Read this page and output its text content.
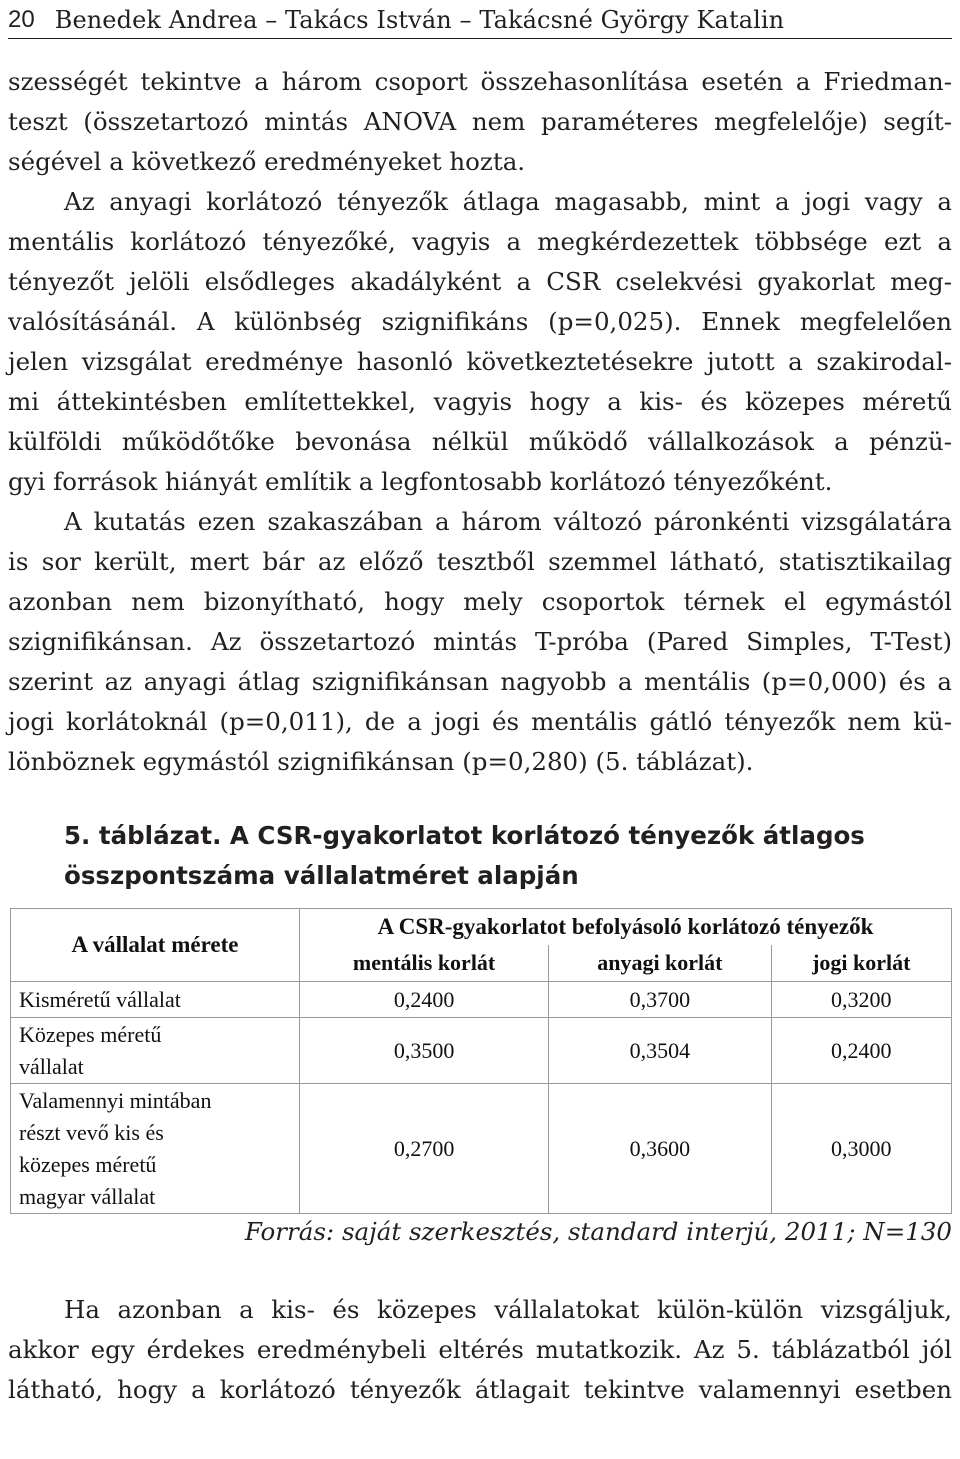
20 Benedek Andrea – Takács István – Takácsné György Katalin

szességét tekintve a három csoport összehasonlítása esetén a Friedman-
teszt (összetartozó mintás ANOVA nem paraméteres megfelelője) segít-
ségével a következő eredményeket hozta.

Az anyagi korlátozó tényezők átlaga magasabb, mint a jogi vagy a
mentális korlátozó tényezőké, vagyis a megkérdezettek többsége ezt a
tényezőt jelöli elsődleges akadályként a CSR cselekvési gyakorlat meg-
valósításánál. A különbség szignifikáns (p=0,025). Ennek megfelelően
jelen vizsgálat eredménye hasonló következtetésekre jutott a szakirodal-
mi áttekintésben említettekkel, vagyis hogy a kis- és közepes méretű
külföldi működőtőke bevonása nélkül működő vállalkozások a pénzü-
gyi források hiányát említik a legfontosabb korlátozó tényezőként.

A kutatás ezen szakaszában a három változó páronkénti vizsgálatára
is sor került, mert bár az előző tesztből szemmel látható, statisztikailag
azonban nem bizonyítható, hogy mely csoportok térnek el egymástól
szignifikánsan. Az összetartozó mintás T-próba (Pared Simples, T-Test)
szerint az anyagi átlag szignifikánsan nagyobb a mentális (p=0,000) és a
jogi korlátoknál (p=0,011), de a jogi és mentális gátló tényezők nem kü-
lönböznek egymástól szignifikánsan (p=0,280) (5. táblázat).

5. táblázat. A CSR-gyakorlatot korlátozó tényezők átlagos
összpontszáma vállalatméret alapján
A vállalat mérete	A CSR-gyakorlatot befolyásoló korlátozó tényezők		
	mentális korlát	anyagi korlát	jogi korlát

Kisméretű vállalat	0,2400	0,3700	0,3200

Közepes méretű
vállalat	0,3500	0,3504	0,2400

Valamennyi mintában
részt vevő kis és
közepes méretű
magyar vállalat	0,2700	0,3600	0,3000
Forrás: saját szerkesztés, standard interjú, 2011; N=130

Ha azonban a kis- és közepes vállalatokat külön-külön vizsgáljuk,
akkor egy érdekes eredménybeli eltérés mutatkozik. Az 5. táblázatból jól
látható, hogy a korlátozó tényezők átlagait tekintve valamennyi esetben
